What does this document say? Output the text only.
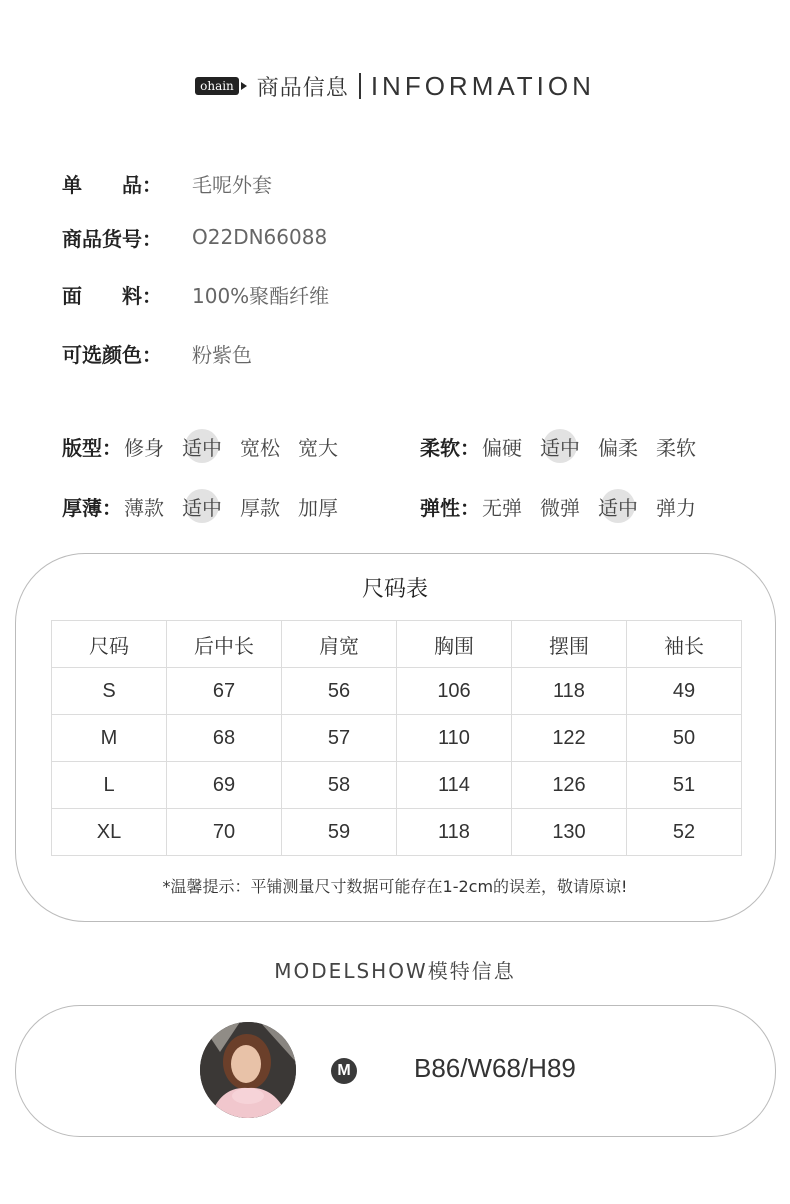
ohain 商品信息 INFORMATION
单　　品：	毛呢外套
商品货号：	O22DN66088
面　　料：	100%聚酯纤维
可选颜色：	粉紫色
版型： 修身 适中 宽松 宽大	柔软： 偏硬 适中 偏柔 柔软
厚薄： 薄款 适中 厚款 加厚	弹性： 无弹 微弹 适中 弹力
尺码表
尺码	后中长	肩宽	胸围	摆围	袖长
S	67	56	106	118	49
M	68	57	110	122	50
L	69	58	114	126	51
XL	70	59	118	130	52
*温馨提示：平铺测量尺寸数据可能存在1-2cm的误差，敬请原谅!
MODELSHOW模特信息
M B86/W68/H89
